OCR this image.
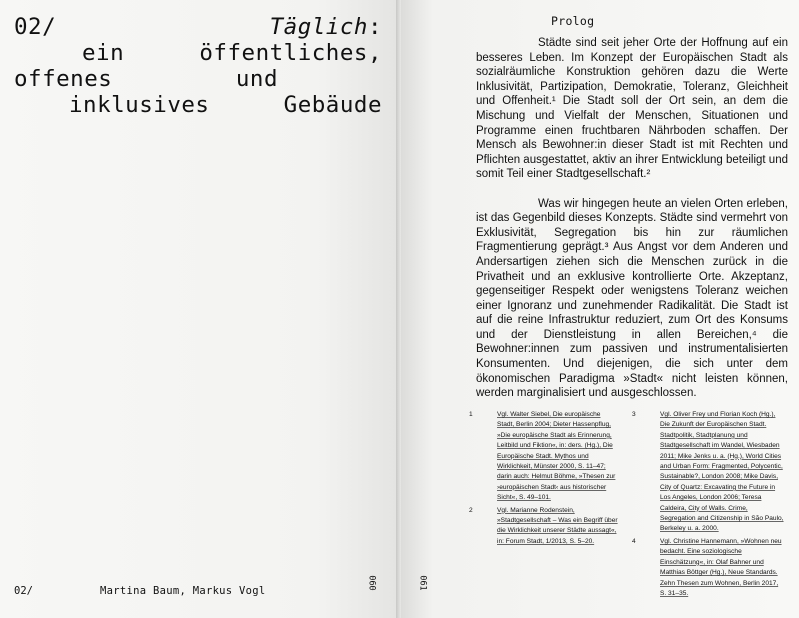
02/	Täglich:
ein	öffentliches,
offenes	und
inklusives	Gebäude
02/	Martina Baum, Markus Vogl
060	061
Prolog

Städte sind seit jeher Orte der Hoffnung auf ein besseres Leben. Im Konzept der Europäischen Stadt als sozialräumliche Konstruktion gehören dazu die Werte Inklusivität, Partizipation, Demokratie, Toleranz, Gleichheit und Offenheit.¹ Die Stadt soll der Ort sein, an dem die Mischung und Vielfalt der Menschen, Situationen und Programme einen fruchtbaren Nährboden schaffen. Der Mensch als Bewohner:in dieser Stadt ist mit Rechten und Pflichten ausgestattet, aktiv an ihrer Entwicklung beteiligt und somit Teil einer Stadtgesellschaft.²

Was wir hingegen heute an vielen Orten erleben, ist das Gegenbild dieses Konzepts. Städte sind vermehrt von Exklusivität, Segregation bis hin zur räumlichen Fragmentierung geprägt.³ Aus Angst vor dem Anderen und Andersartigen ziehen sich die Menschen zurück in die Privatheit und an exklusive kontrollierte Orte. Akzeptanz, gegenseitiger Respekt oder wenigstens Toleranz weichen einer Ignoranz und zunehmender Radikalität. Die Stadt ist auf die reine Infrastruktur reduziert, zum Ort des Konsums und der Dienstleistung in allen Bereichen,⁴ die Bewohner:innen zum passiven und instrumentalisierten Konsumenten. Und diejenigen, die sich unter dem ökonomischen Paradigma »Stadt« nicht leisten können, werden marginalisiert und ausgeschlossen.

1	Vgl. Walter Siebel, Die europäische Stadt, Berlin 2004; Dieter Hassenpflug, »Die europäische Stadt als Erinnerung, Leitbild und Fiktion«, in: ders. (Hg.), Die Europäische Stadt. Mythos und Wirklichkeit, Münster 2000, S. 11–47; darin auch: Helmut Böhme, »Thesen zur ›europäischen Stadt‹ aus historischer Sicht«, S. 49–101.
2	Vgl. Marianne Rodenstein, »Stadtgesellschaft – Was ein Begriff über die Wirklichkeit unserer Städte aussagt«, in: Forum Stadt, 1/2013, S. 5–20.
3	Vgl. Oliver Frey und Florian Koch (Hg.), Die Zukunft der Europäischen Stadt. Stadtpolitik, Stadtplanung und Stadtgesellschaft im Wandel, Wiesbaden 2011; Mike Jenks u. a. (Hg.), World Cities and Urban Form: Fragmented, Polycentic, Sustainable?, London 2008; Mike Davis, City of Quartz: Excavating the Future in Los Angeles, London 2006; Teresa Caldeira, City of Walls. Crime, Segregation and Citizenship in São Paulo, Berkeley u. a. 2000.
4	Vgl. Christine Hannemann, »Wohnen neu bedacht. Eine soziologische Einschätzung«, in: Olaf Bahner und Matthias Böttger (Hg.), Neue Standards. Zehn Thesen zum Wohnen, Berlin 2017, S. 31–35.
